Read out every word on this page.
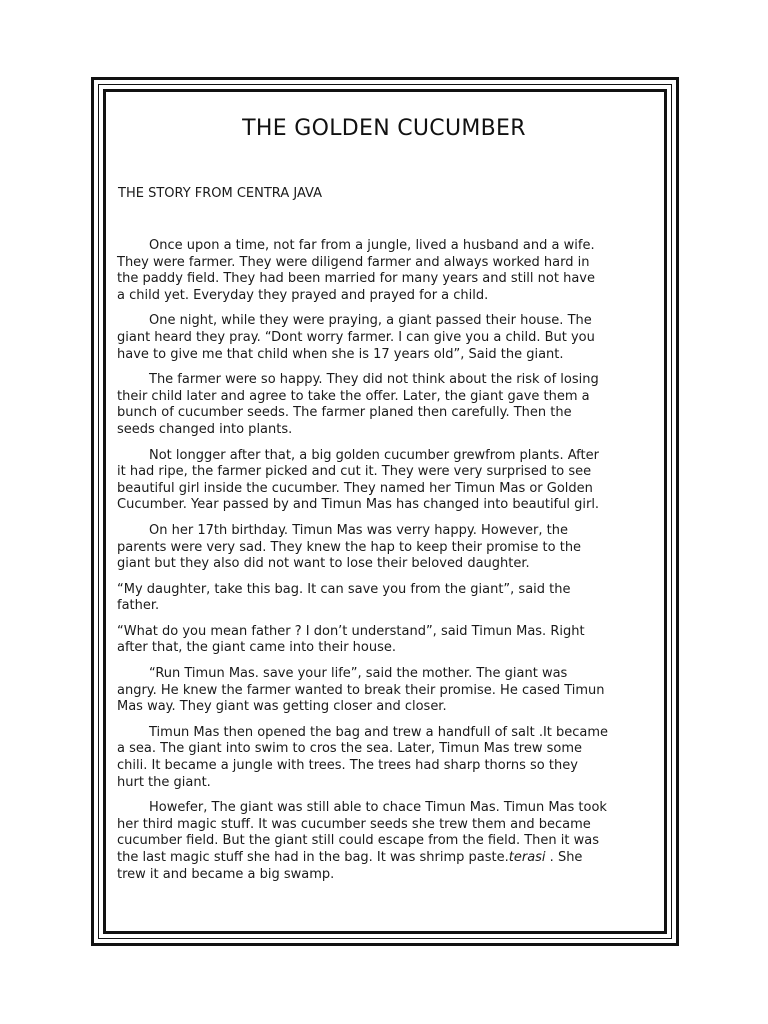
THE GOLDEN CUCUMBER
THE STORY FROM CENTRA JAVA

Once upon a time, not far from a jungle, lived a husband and a wife.
They were farmer. They were diligend farmer and always worked hard in
the paddy field. They had been married for many years and still not have
a child yet. Everyday they prayed and prayed for a child.

One night, while they were praying, a giant passed their house. The
giant heard they pray. “Dont worry farmer. I can give you a child. But you
have to give me that child when she is 17 years old”, Said the giant.

The farmer were so happy. They did not think about the risk of losing
their child later and agree to take the offer. Later, the giant gave them a
bunch of cucumber seeds. The farmer planed then carefully. Then the
seeds changed into plants.

Not longger after that, a big golden cucumber grewfrom plants. After
it had ripe, the farmer picked and cut it. They were very surprised to see
beautiful girl inside the cucumber. They named her Timun Mas or Golden
Cucumber. Year passed by and Timun Mas has changed into beautiful girl.

On her 17th birthday. Timun Mas was verry happy. However, the
parents were very sad. They knew the hap to keep their promise to the
giant but they also did not want to lose their beloved daughter.

“My daughter, take this bag. It can save you from the giant”, said the
father.

“What do you mean father ? I don’t understand”, said Timun Mas. Right
after that, the giant came into their house.

“Run Timun Mas. save your life”, said the mother. The giant was
angry. He knew the farmer wanted to break their promise. He cased Timun
Mas way. They giant was getting closer and closer.

Timun Mas then opened the bag and trew a handfull of salt .It became
a sea. The giant into swim to cros the sea. Later, Timun Mas trew some
chili. It became a jungle with trees. The trees had sharp thorns so they
hurt the giant.

Howefer, The giant was still able to chace Timun Mas. Timun Mas took
her third magic stuff. It was cucumber seeds she trew them and became
cucumber field. But the giant still could escape from the field. Then it was
the last magic stuff she had in the bag. It was shrimp paste.terasi . She
trew it and became a big swamp.
